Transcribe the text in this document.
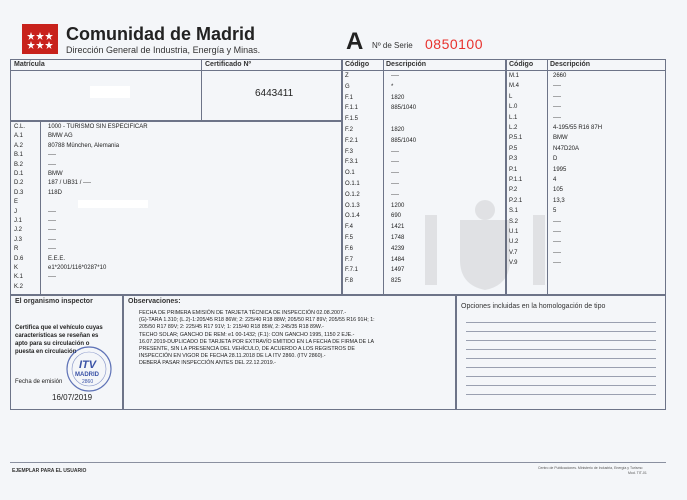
Comunidad de Madrid
Dirección General de Industria, Energía y Minas.	A Nº de Serie 0850100
Matrícula	Certificado Nº
6443411
C.L.	1000 - TURISMO SIN ESPECIFICAR
A.1	BMW AG
A.2	80788 München, Alemania
B.1	----
B.2	----
D.1	BMW
D.2	187 / UB31 / ----
D.3	118D
E
J	----
J.1	----
J.2	----
J.3	----
R	----
D.6	E.E.E.
K	e1*2001/116*0287*10
K.1	----
K.2
Código Descripción
Z	----
G	*
F.1	1820
F.1.1	885/1040
F.1.5
F.2	1820
F.2.1	885/1040
F.3	----
F.3.1	----
O.1	----
O.1.1	----
O.1.2	----
O.1.3	1200
O.1.4	690
F.4	1421
F.5	1748
F.6	4239
F.7	1484
F.7.1	1497
F.8	825
Código Descripción
M.1	2660
M.4	----
L	----
L.0	----
L.1	----
L.2	4-195/55 R16 87H
P.5.1	BMW
P.5	N47D20A
P.3	D
P.1	1995
P.1.1	4
P.2	105
P.2.1	13,3
S.1	5
S.2	----
U.1	----
U.2	----
V.7	----
V.9	----
El organismo inspector
Certifica que el vehículo cuyas
características se reseñan es
apto para su circulación o
puesta en circulación
Fecha de emisión
16/07/2019
ITV
MADRID
2860
Observaciones:
FECHA DE PRIMERA EMISIÓN DE TARJETA TÉCNICA DE INSPECCIÓN 02.08.2007.-
(G)-TARA 1.310; (L.2)-1:205/45 R18 86W; 2: 225/40 R18 88W; 205/50 R17 89V; 205/55 R16 91H; 1:
205/50 R17 89V; 2: 225/45 R17 91V; 1: 215/40 R18 85W, 2: 245/35 R18 89W.-
TECHO SOLAR; GANCHO DE REM: e1 00-1432; (F.1): CON GANCHO 1995, 1150 2 EJE.-
16.07.2019-DUPLICADO DE TARJETA POR EXTRAVÍO EMITIDO EN LA FECHA DE FIRMA DE LA
PRESENTE, SIN LA PRESENCIA DEL VEHÍCULO, DE ACUERDO A LOS REGISTROS DE
INSPECCIÓN EN VIGOR DE FECHA 28.11.2018 DE LA ITV 2860. (ITV 2860).-
DEBERÁ PASAR INSPECCIÓN ANTES DEL 22.12.2019.-
Opciones incluidas en la homologación de tipo
EJEMPLAR PARA EL USUARIO	Centro de Publicaciones. Ministerio de Industria, Energía y Turismo
Mod. TIT-01
